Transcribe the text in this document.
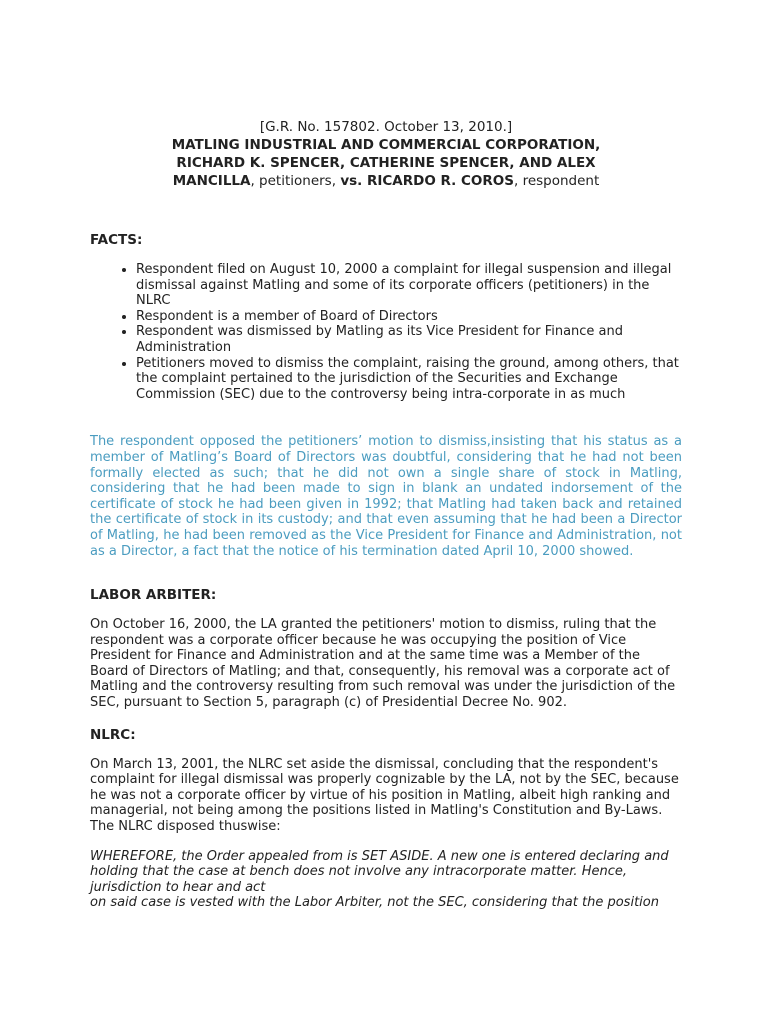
[G.R. No. 157802. October 13, 2010.]
MATLING INDUSTRIAL AND COMMERCIAL CORPORATION,
RICHARD K. SPENCER, CATHERINE SPENCER, AND ALEX
MANCILLA, petitioners, vs. RICARDO R. COROS, respondent
FACTS:
• Respondent filed on August 10, 2000 a complaint for illegal suspension and illegal dismissal against Matling and some of its corporate officers (petitioners) in the NLRC
• Respondent is a member of Board of Directors
• Respondent was dismissed by Matling as its Vice President for Finance and Administration
• Petitioners moved to dismiss the complaint, raising the ground, among others, that the complaint pertained to the jurisdiction of the Securities and Exchange Commission (SEC) due to the controversy being intra-corporate in as much

The respondent opposed the petitioners’ motion to dismiss,insisting that his status as a member of Matling’s Board of Directors was doubtful, considering that he had not been formally elected as such; that he did not own a single share of stock in Matling, considering that he had been made to sign in blank an undated indorsement of the certificate of stock he had been given in 1992; that Matling had taken back and retained the certificate of stock in its custody; and that even assuming that he had been a Director of Matling, he had been removed as the Vice President for Finance and Administration, not as a Director, a fact that the notice of his termination dated April 10, 2000 showed.

LABOR ARBITER:

On October 16, 2000, the LA granted the petitioners' motion to dismiss, ruling that the respondent was a corporate officer because he was occupying the position of Vice President for Finance and Administration and at the same time was a Member of the Board of Directors of Matling; and that, consequently, his removal was a corporate act of Matling and the controversy resulting from such removal was under the jurisdiction of the SEC, pursuant to Section 5, paragraph (c) of Presidential Decree No. 902.

NLRC:

On March 13, 2001, the NLRC set aside the dismissal, concluding that the respondent's complaint for illegal dismissal was properly cognizable by the LA, not by the SEC, because he was not a corporate officer by virtue of his position in Matling, albeit high ranking and managerial, not being among the positions listed in Matling's Constitution and By-Laws. The NLRC disposed thuswise:

WHEREFORE, the Order appealed from is SET ASIDE. A new one is entered declaring and holding that the case at bench does not involve any intracorporate matter. Hence, jurisdiction to hear and act
on said case is vested with the Labor Arbiter, not the SEC, considering that the position
